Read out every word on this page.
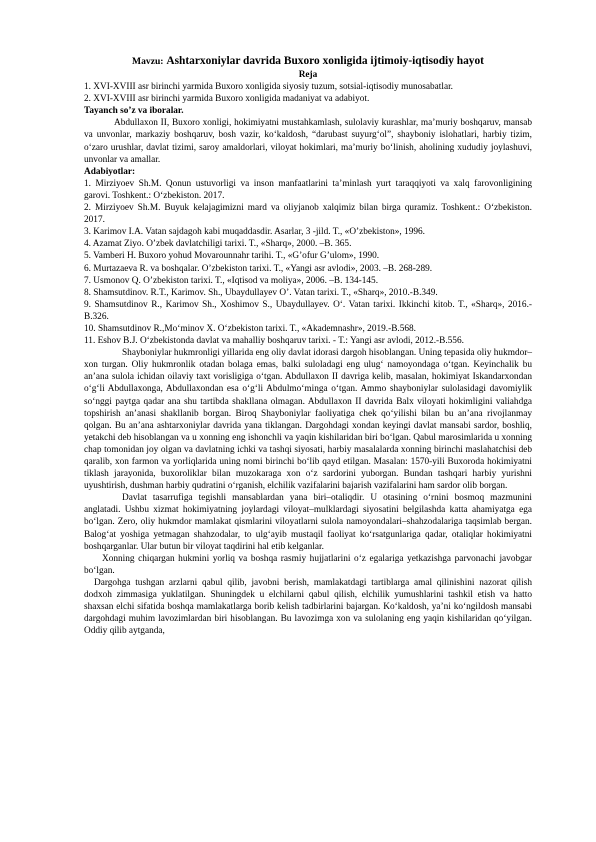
Mavzu: Ashtarxoniylar davrida Buxoro xonligida ijtimoiy-iqtisodiy hayot

Reja

1. XVI-XVIII asr birinchi yarmida Buxoro xonligida siyosiy tuzum, sotsial-iqtisodiy munosabatlar.

2. XVI-XVIII asr birinchi yarmida Buxoro xonligida madaniyat va adabiyot.

Tayanch so’z va iboralar.

Abdullaxon II, Buxoro xonligi, hokimiyatni mustahkamlash, sulolaviy kurashlar, ma’muriy boshqaruv, mansab va unvonlar, markaziy boshqaruv, bosh vazir, ko‘kaldosh, “darubast suyurg‘ol”, shayboniy islohatlari, harbiy tizim, o‘zaro urushlar, davlat tizimi, saroy amaldorlari, viloyat hokimlari, ma’muriy bo‘linish, aholining xududiy joylashuvi, unvonlar va amallar.

Adabiyotlar:

1. Mirziyoev Sh.M. Qonun ustuvorligi va inson manfaatlarini ta’minlash yurt taraqqiyoti va xalq farovonligining garovi. Toshkent.: O‘zbekiston. 2017.

2. Mirziyoev Sh.M. Buyuk kelajagimizni mard va oliyjanob xalqimiz bilan birga quramiz. Toshkent.: O‘zbekiston. 2017.

3. Karimov I.A. Vatan sajdagoh kabi muqaddasdir. Asarlar, 3 -jild. T., «O’zbekiston», 1996.

4. Azamat Ziyo. O’zbek davlatchiligi tarixi. T., «Sharq», 2000. –B. 365.

5. Vamberi H. Buxoro yohud Movarounnahr tarihi. T., «G’ofur G’ulom», 1990.

6. Murtazaeva R. va boshqalar. O’zbekiston tarixi. T., «Yangi asr avlodi», 2003. –B. 268-289.

7. Usmonov Q. O’zbekiston tarixi. T., «Iqtisod va moliya», 2006. –B. 134-145.

8. Shamsutdinov. R.T., Karimov. Sh., Ubaydullayev O’. Vatan tarixi. T., «Sharq», 2010.-B.349.

9. Shamsutdinov R., Karimov Sh., Xoshimov S., Ubaydullayev. O‘. Vatan tarixi. Ikkinchi kitob. T., «Sharq», 2016.-B.326.

10. Shamsutdinov R.,Mo‘minov X. O‘zbekiston tarixi. T., «Akademnashr», 2019.-B.568.

11. Eshov B.J. O‘zbekistonda davlat va mahalliy boshqaruv tarixi. - T.: Yangi asr avlodi, 2012.-B.556.

Shayboniylar hukmronligi yillarida eng oliy davlat idorasi dargoh hisoblangan. Uning tepasida oliy hukmdor–xon turgan. Oliy hukmronlik otadan bolaga emas, balki suloladagi eng ulug‘ namoyondaga o‘tgan. Keyinchalik bu an’ana sulola ichidan oilaviy taxt vorisligiga o‘tgan. Abdullaxon II davriga kelib, masalan, hokimiyat Iskandarxondan o‘g‘li Abdullaxonga, Abdullaxondan esa o‘g‘li Abdulmo‘minga o‘tgan. Ammo shayboniylar sulolasidagi davomiylik so‘nggi paytga qadar ana shu tartibda shakllana olmagan. Abdullaxon II davrida Balx viloyati hokimligini valiahdga topshirish an’anasi shakllanib borgan. Biroq Shayboniylar faoliyatiga chek qo‘yilishi bilan bu an’ana rivojlanmay qolgan. Bu an’ana ashtarxoniylar davrida yana tiklangan. Dargohdagi xondan keyingi davlat mansabi sardor, boshliq, yetakchi deb hisoblangan va u xonning eng ishonchli va yaqin kishilaridan biri bo‘lgan. Qabul marosimlarida u xonning chap tomonidan joy olgan va davlatning ichki va tashqi siyosati, harbiy masalalarda xonning birinchi maslahatchisi deb qaralib, xon farmon va yorliqlarida uning nomi birinchi bo‘lib qayd etilgan. Masalan: 1570-yili Buxoroda hokimiyatni tiklash jarayonida, buxoroliklar bilan muzokaraga xon o‘z sardorini yuborgan. Bundan tashqari harbiy yurishni uyushtirish, dushman harbiy qudratini o‘rganish, elchilik vazifalarini bajarish vazifalarini ham sardor olib borgan.

Davlat tasarrufiga tegishli mansablardan yana biri–otaliqdir. U otasining o‘rnini bosmoq mazmunini anglatadi. Ushbu xizmat hokimiyatning joylardagi viloyat–mulklardagi siyosatini belgilashda katta ahamiyatga ega bo‘lgan. Zero, oliy hukmdor mamlakat qismlarini viloyatlarni sulola namoyondalari–shahzodalariga taqsimlab bergan. Balog‘at yoshiga yetmagan shahzodalar, to ulg‘ayib mustaqil faoliyat ko‘rsatgunlariga qadar, otaliqlar hokimiyatni boshqarganlar. Ular butun bir viloyat taqdirini hal etib kelganlar.

Xonning chiqargan hukmini yorliq va boshqa rasmiy hujjatlarini o‘z egalariga yetkazishga parvonachi javobgar bo‘lgan.

Dargohga tushgan arzlarni qabul qilib, javobni berish, mamlakatdagi tartiblarga amal qilinishini nazorat qilish dodxoh zimmasiga yuklatilgan. Shuningdek u elchilarni qabul qilish, elchilik yumushlarini tashkil etish va hatto shaxsan elchi sifatida boshqa mamlakatlarga borib kelish tadbirlarini bajargan. Ko‘kaldosh, ya’ni ko‘ngildosh mansabi dargohdagi muhim lavozimlardan biri hisoblangan. Bu lavozimga xon va sulolaning eng yaqin kishilaridan qo‘yilgan. Oddiy qilib aytganda,
